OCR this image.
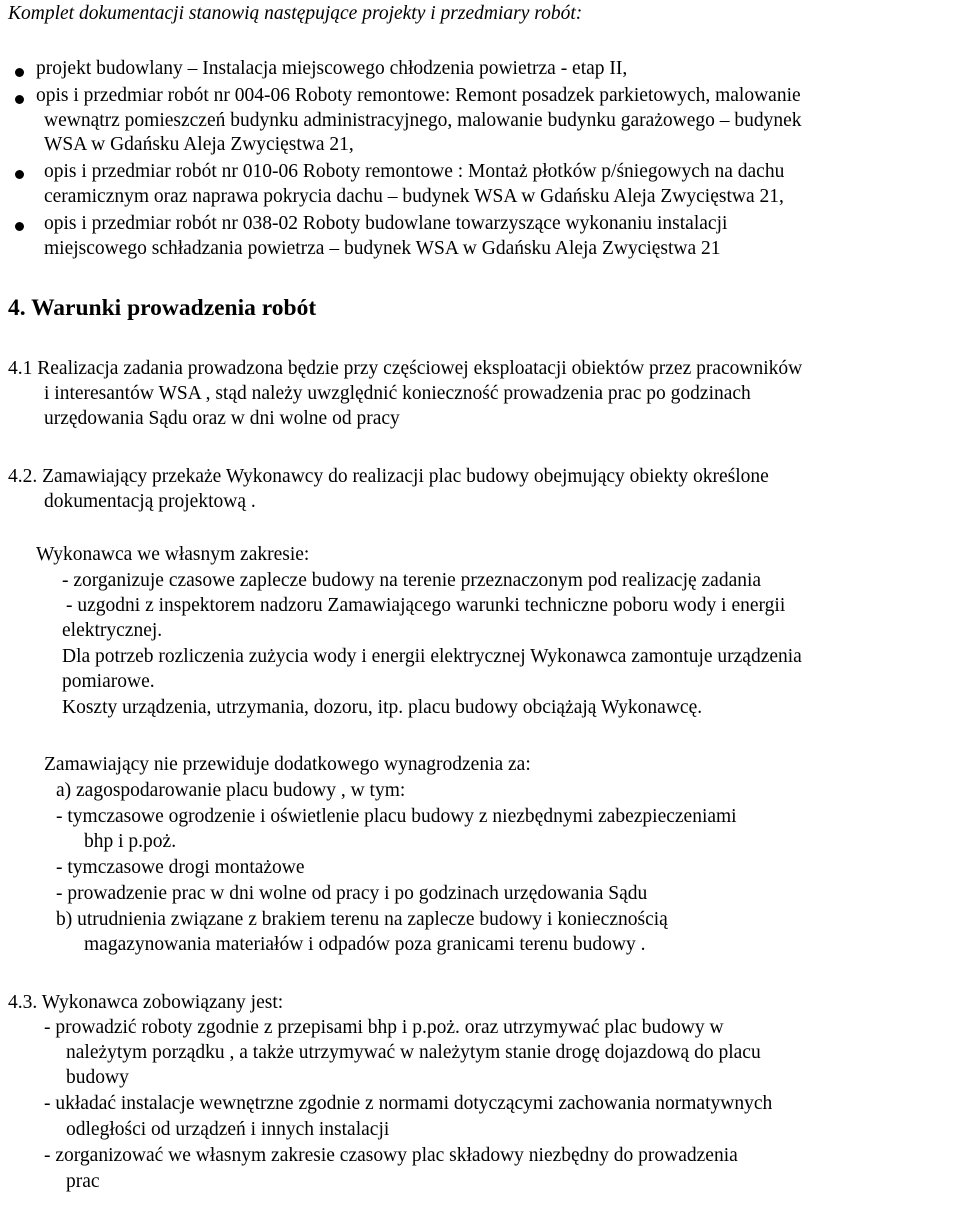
Komplet dokumentacji stanowią następujące projekty i przedmiary robót:
projekt budowlany – Instalacja miejscowego chłodzenia powietrza - etap II,
opis i przedmiar robót nr 004-06 Roboty remontowe: Remont posadzek parkietowych, malowanie
wewnątrz pomieszczeń budynku administracyjnego, malowanie budynku garażowego – budynek
WSA w Gdańsku Aleja Zwycięstwa 21,
opis i przedmiar robót nr 010-06 Roboty remontowe : Montaż płotków p/śniegowych na dachu
ceramicznym oraz naprawa pokrycia dachu – budynek WSA w Gdańsku Aleja Zwycięstwa 21,
opis i przedmiar robót nr 038-02 Roboty budowlane towarzyszące wykonaniu instalacji
miejscowego schładzania powietrza – budynek WSA w Gdańsku Aleja Zwycięstwa 21
4. Warunki prowadzenia robót
4.1 Realizacja zadania prowadzona będzie przy częściowej eksploatacji obiektów przez pracowników
i interesantów WSA , stąd należy uwzględnić konieczność prowadzenia prac po godzinach
urzędowania Sądu oraz w dni wolne od pracy
4.2. Zamawiający przekaże Wykonawcy do realizacji plac budowy obejmujący obiekty określone
dokumentacją projektową .
Wykonawca we własnym zakresie:
- zorganizuje czasowe zaplecze budowy na terenie przeznaczonym pod realizację zadania
- uzgodni z inspektorem nadzoru Zamawiającego warunki techniczne poboru wody i energii
elektrycznej.
Dla potrzeb rozliczenia zużycia wody i energii elektrycznej Wykonawca zamontuje urządzenia
pomiarowe.
Koszty urządzenia, utrzymania, dozoru, itp. placu budowy obciążają Wykonawcę.
Zamawiający nie przewiduje dodatkowego wynagrodzenia za:
a) zagospodarowanie placu budowy , w tym:
- tymczasowe ogrodzenie i oświetlenie placu budowy z niezbędnymi zabezpieczeniami
bhp i p.poż.
- tymczasowe drogi montażowe
- prowadzenie prac w dni wolne od pracy i po godzinach urzędowania Sądu
b) utrudnienia związane z brakiem terenu na zaplecze budowy i koniecznością
magazynowania materiałów i odpadów poza granicami terenu budowy .
4.3. Wykonawca zobowiązany jest:
- prowadzić roboty zgodnie z przepisami bhp i p.poż. oraz utrzymywać plac budowy w
należytym porządku , a także utrzymywać w należytym stanie drogę dojazdową do placu
budowy
- układać instalacje wewnętrzne zgodnie z normami dotyczącymi zachowania normatywnych
odległości od urządzeń i innych instalacji
- zorganizować we własnym zakresie czasowy plac składowy niezbędny do prowadzenia
prac
